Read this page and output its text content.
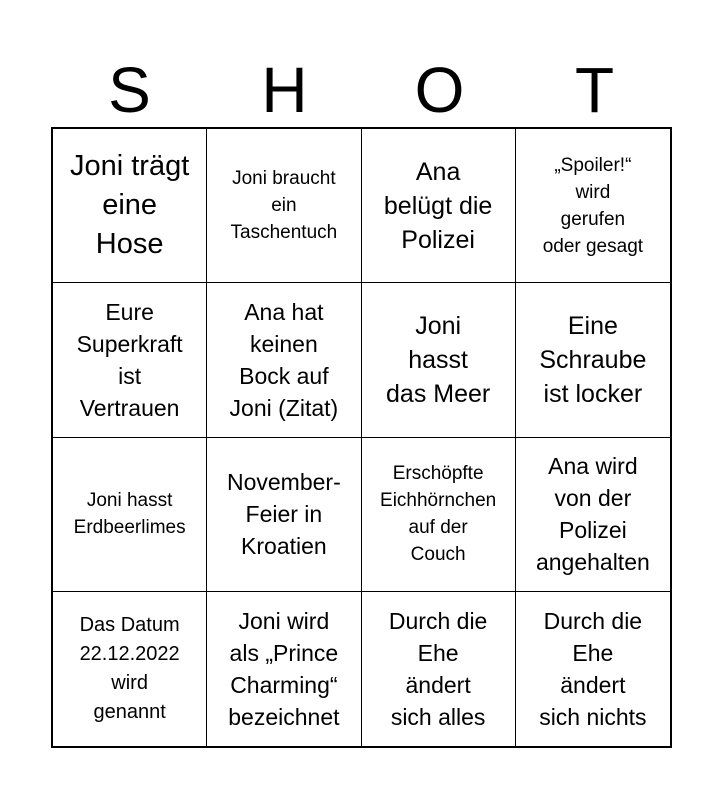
S	H	O	T
Joni trägt
eine
Hose
Joni braucht
ein
Taschentuch
Ana
belügt die
Polizei
„Spoiler!“
wird
gerufen
oder gesagt
Eure
Superkraft
ist
Vertrauen
Ana hat
keinen
Bock auf
Joni (Zitat)
Joni
hasst
das Meer
Eine
Schraube
ist locker
Joni hasst
Erdbeerlimes
November-
Feier in
Kroatien
Erschöpfte
Eichhörnchen
auf der
Couch
Ana wird
von der
Polizei
angehalten
Das Datum
22.12.2022
wird
genannt
Joni wird
als „Prince
Charming“
bezeichnet
Durch die
Ehe
ändert
sich alles
Durch die
Ehe
ändert
sich nichts
